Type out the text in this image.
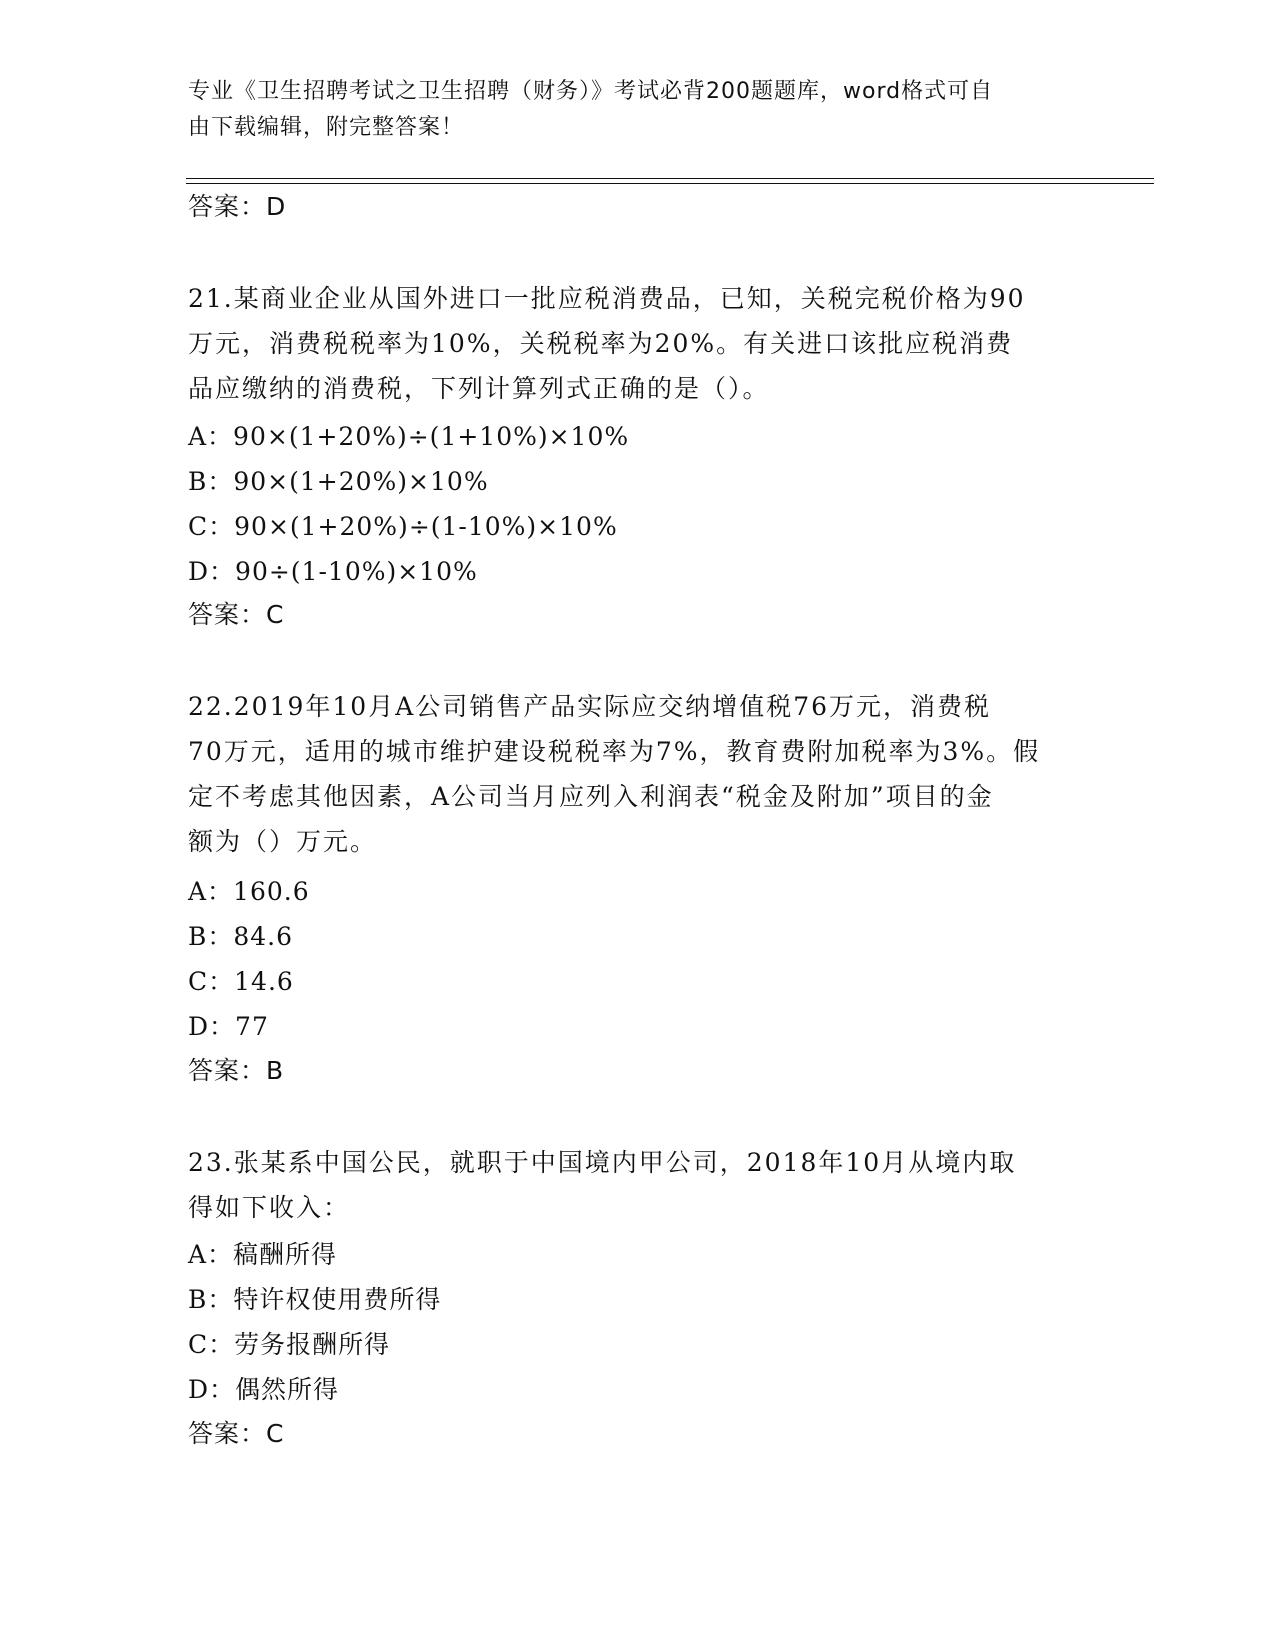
专业《卫生招聘考试之卫生招聘（财务）》考试必背200题题库，word格式可自
由下载编辑，附完整答案！
答案：D
21.某商业企业从国外进口一批应税消费品，已知，关税完税价格为90
万元，消费税税率为10%，关税税率为20%。有关进口该批应税消费
品应缴纳的消费税，下列计算列式正确的是（）。
A：90×(1+20%)÷(1+10%)×10%
B：90×(1+20%)×10%
C：90×(1+20%)÷(1-10%)×10%
D：90÷(1-10%)×10%
答案：C
22.2019年10月A公司销售产品实际应交纳增值税76万元，消费税
70万元，适用的城市维护建设税税率为7%，教育费附加税率为3%。假
定不考虑其他因素，A公司当月应列入利润表“税金及附加”项目的金
额为（）万元。
A：160.6
B：84.6
C：14.6
D：77
答案：B
23.张某系中国公民，就职于中国境内甲公司，2018年10月从境内取
得如下收入：
A：稿酬所得
B：特许权使用费所得
C：劳务报酬所得
D：偶然所得
答案：C
